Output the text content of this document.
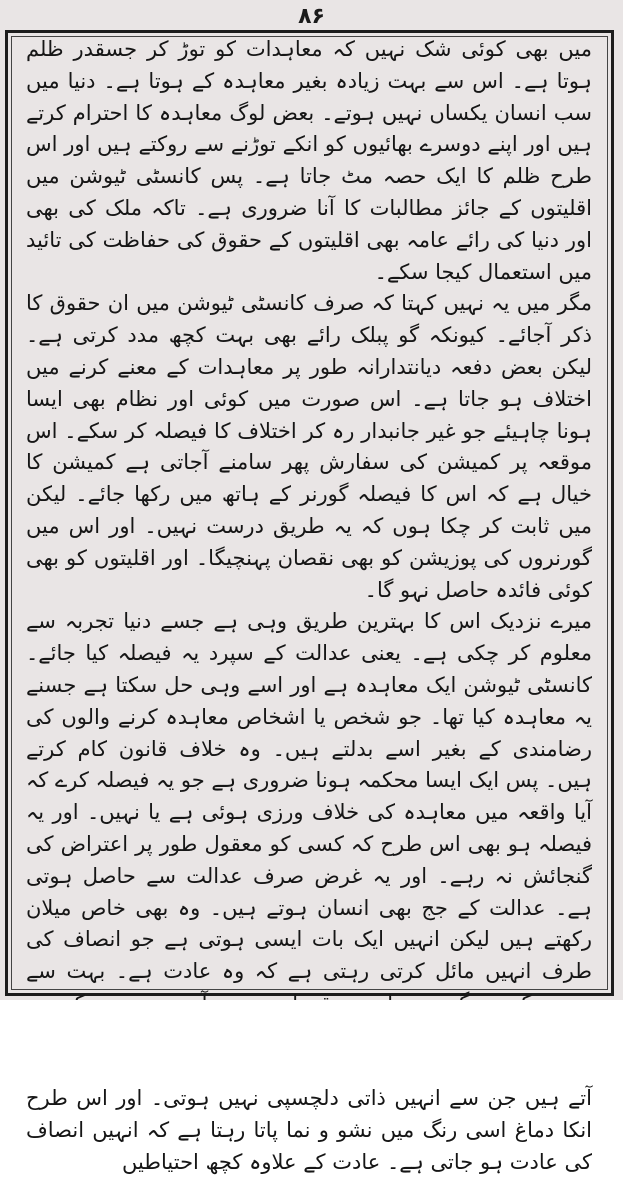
۸۶

میں بھی کوئی شک نہیں کہ معاہدات کو توڑ کر جسقدر ظلم ہوتا ہے۔ اس سے بہت زیادہ بغیر معاہدہ کے ہوتا ہے۔ دنیا میں سب انسان یکساں نہیں ہوتے۔ بعض لوگ معاہدہ کا احترام کرتے ہیں اور اپنے دوسرے بھائیوں کو انکے توڑنے سے روکتے ہیں اور اس طرح ظلم کا ایک حصہ مٹ جاتا ہے۔ پس کانسٹی ٹیوشن میں اقلیتوں کے جائز مطالبات کا آنا ضروری ہے۔ تاکہ ملک کی بھی اور دنیا کی رائے عامہ بھی اقلیتوں کے حقوق کی حفاظت کی تائید میں استعمال کیجا سکے۔

مگر میں یہ نہیں کہتا کہ صرف کانسٹی ٹیوشن میں ان حقوق کا ذکر آجائے۔ کیونکہ گو پبلک رائے بھی بہت کچھ مدد کرتی ہے۔ لیکن بعض دفعہ دیانتدارانہ طور پر معاہدات کے معنے کرنے میں اختلاف ہو جاتا ہے۔ اس صورت میں کوئی اور نظام بھی ایسا ہونا چاہیئے جو غیر جانبدار رہ کر اختلاف کا فیصلہ کر سکے۔ اس موقعہ پر کمیشن کی سفارش پھر سامنے آجاتی ہے کمیشن کا خیال ہے کہ اس کا فیصلہ گورنر کے ہاتھ میں رکھا جائے۔ لیکن میں ثابت کر چکا ہوں کہ یہ طریق درست نہیں۔ اور اس میں گورنروں کی پوزیشن کو بھی نقصان پہنچیگا۔ اور اقلیتوں کو بھی کوئی فائدہ حاصل نہو گا۔

میرے نزدیک اس کا بہترین طریق وہی ہے جسے دنیا تجربہ سے معلوم کر چکی ہے۔ یعنی عدالت کے سپرد یہ فیصلہ کیا جائے۔ کانسٹی ٹیوشن ایک معاہدہ ہے اور اسے وہی حل سکتا ہے جسنے یہ معاہدہ کیا تھا۔ جو شخص یا اشخاص معاہدہ کرنے والوں کی رضامندی کے بغیر اسے بدلتے ہیں۔ وہ خلاف قانون کام کرتے ہیں۔ پس ایک ایسا محکمہ ہونا ضروری ہے جو یہ فیصلہ کرے کہ آیا واقعہ میں معاہدہ کی خلاف ورزی ہوئی ہے یا نہیں۔ اور یہ فیصلہ ہو بھی اس طرح کہ کسی کو معقول طور پر اعتراض کی گنجائش نہ رہے۔ اور یہ غرض صرف عدالت سے حاصل ہوتی ہے۔ عدالت کے جج بھی انسان ہوتے ہیں۔ وہ بھی خاص میلان رکھتے ہیں لیکن انہیں ایک بات ایسی ہوتی ہے جو انصاف کی طرف انہیں مائل کرتی رہتی ہے کہ وہ عادت ہے۔ بہت سے آتے ہیں جن سے انہیں ذاتی دلچسپی نہیں ہوتی۔ اور اس طرح انکا دماغ اسی رنگ میں نشو و نما پاتا رہتا ہے کہ انہیں انصاف کی عادت ہو جاتی ہے۔ عادت کے علاوہ کچھ احتیاطیں
